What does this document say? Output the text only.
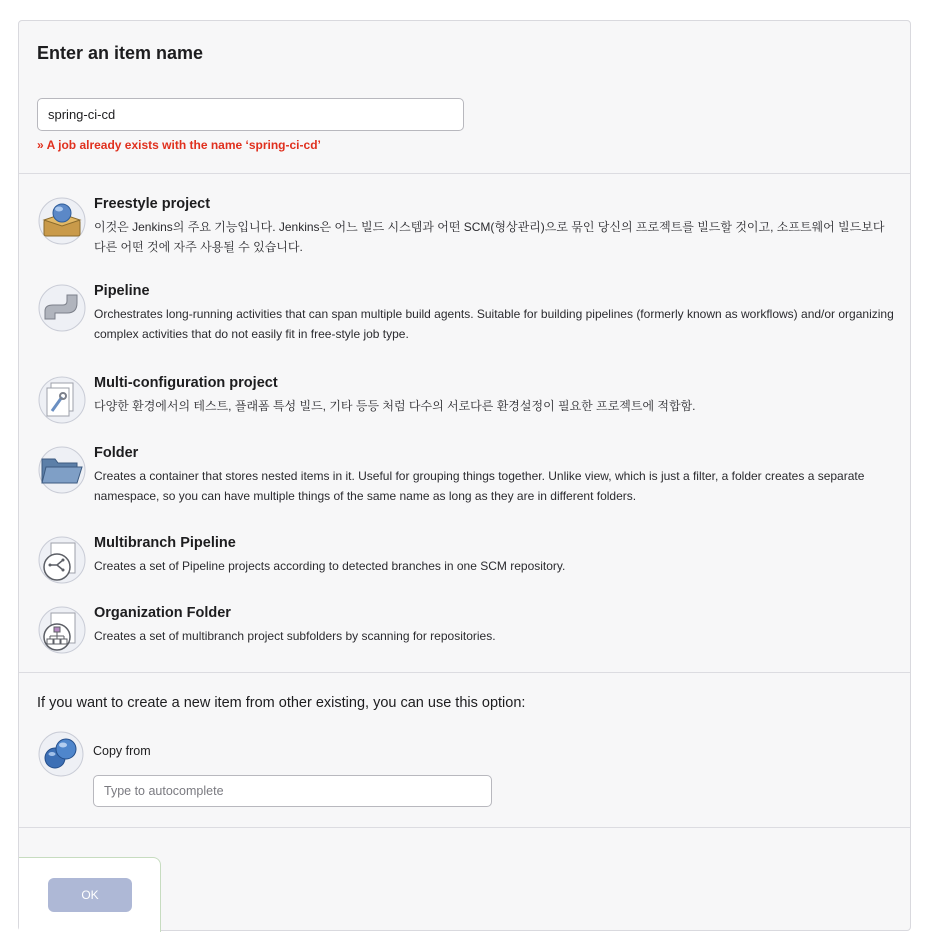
Enter an item name
spring-ci-cd
» A job already exists with the name ‘spring-ci-cd’
Freestyle project
이것은 Jenkins의 주요 기능입니다. Jenkins은 어느 빌드 시스템과 어떤 SCM(형상관리)으로 묶인 당신의 프로젝트를 빌드할 것이고, 소프트웨어 빌드보다 다른 어떤 것에 자주 사용될 수 있습니다.
Pipeline
Orchestrates long-running activities that can span multiple build agents. Suitable for building pipelines (formerly known as workflows) and/or organizing complex activities that do not easily fit in free-style job type.
Multi-configuration project
다양한 환경에서의 테스트, 플래폼 특성 빌드, 기타 등등 처럼 다수의 서로다른 환경설정이 필요한 프로젝트에 적합함.
Folder
Creates a container that stores nested items in it. Useful for grouping things together. Unlike view, which is just a filter, a folder creates a separate namespace, so you can have multiple things of the same name as long as they are in different folders.
Multibranch Pipeline
Creates a set of Pipeline projects according to detected branches in one SCM repository.
Organization Folder
Creates a set of multibranch project subfolders by scanning for repositories.
If you want to create a new item from other existing, you can use this option:
Copy from
Type to autocomplete
OK
